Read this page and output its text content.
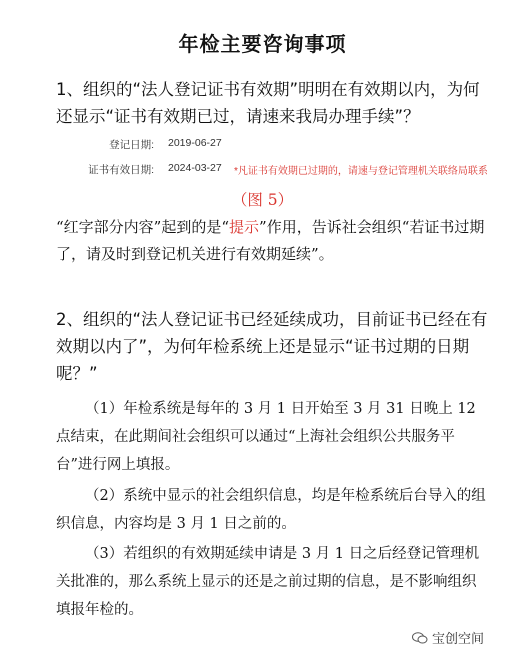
年检主要咨询事项
1、组织的“法人登记证书有效期”明明在有效期以内，为何还显示“证书有效期已过，请速来我局办理手续”？
登记日期: 2019-06-27
证书有效日期: 2024-03-27 *凡证书有效期已过期的，请速与登记管理机关联络局联系
（图 5）
“红字部分内容”起到的是“提示”作用，告诉社会组织“若证书过期了，请及时到登记机关进行有效期延续”。
2、组织的“法人登记证书已经延续成功，目前证书已经在有效期以内了”，为何年检系统上还是显示“证书过期的日期呢？”
（1）年检系统是每年的 3 月 1 日开始至 3 月 31 日晚上 12 点结束，在此期间社会组织可以通过“上海社会组织公共服务平台”进行网上填报。
（2）系统中显示的社会组织信息，均是年检系统后台导入的组织信息，内容均是 3 月 1 日之前的。
（3）若组织的有效期延续申请是 3 月 1 日之后经登记管理机关批准的，那么系统上显示的还是之前过期的信息，是不影响组织填报年检的。
宝创空间
